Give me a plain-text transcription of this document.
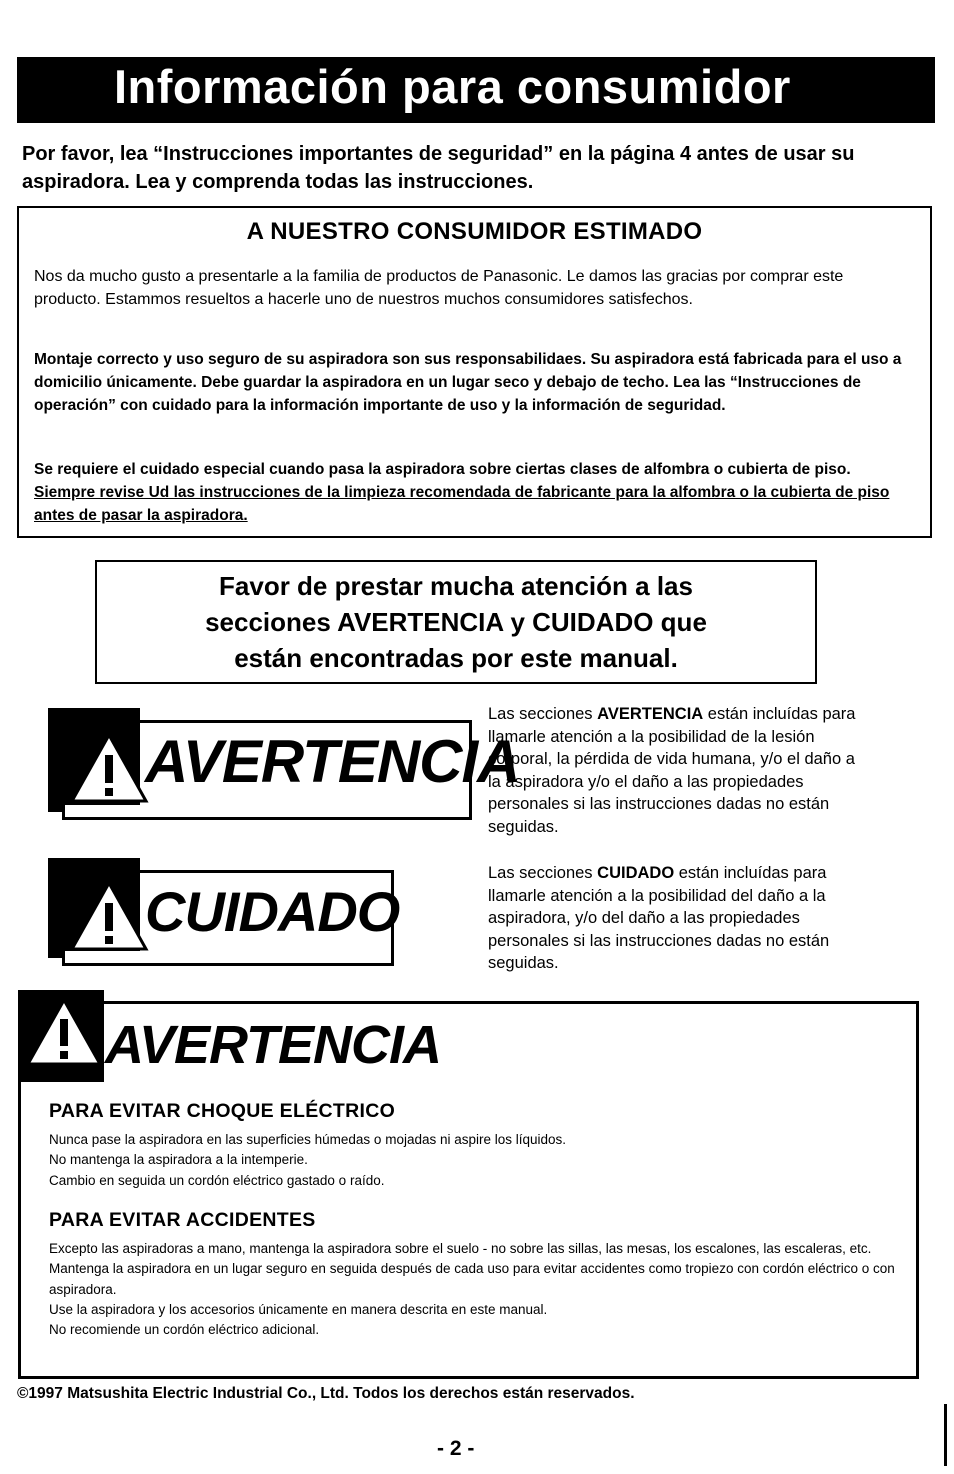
Información para consumidor
Por favor, lea “Instrucciones importantes de seguridad” en la página 4 antes de usar su aspiradora. Lea y comprenda todas las instrucciones.
A NUESTRO CONSUMIDOR ESTIMADO
Nos da mucho gusto a presentarle a la familia de productos de Panasonic. Le damos las gracias por comprar este producto. Estammos resueltos a hacerle uno de nuestros muchos consumidores satisfechos.
Montaje correcto y uso seguro de su aspiradora son sus responsabilidaes. Su aspiradora está fabricada para el uso a domicilio únicamente. Debe guardar la aspiradora en un lugar seco y debajo de techo. Lea las “Instrucciones de operación” con cuidado para la información importante de uso y la información de seguridad.
Se requiere el cuidado especial cuando pasa la aspiradora sobre ciertas clases de alfombra o cubierta de piso. Siempre revise Ud las instrucciones de la limpieza recomendada de fabricante para la alfombra o la cubierta de piso antes de pasar la aspiradora.
Favor de prestar mucha atención a las
secciones AVERTENCIA y CUIDADO que
están encontradas por este manual.
AVERTENCIA
Las secciones AVERTENCIA están incluídas para llamarle atención a la posibilidad de la lesión corporal, la pérdida de vida humana, y/o el daño a la aspiradora y/o el daño a las propiedades personales si las instrucciones dadas no están seguidas.
CUIDADO
Las secciones CUIDADO están incluídas para llamarle atención a la posibilidad del daño a la aspiradora, y/o del daño a las propiedades personales si las instrucciones dadas no están seguidas.
AVERTENCIA
PARA EVITAR CHOQUE ELÉCTRICO
Nunca pase la aspiradora en las superficies húmedas o mojadas ni aspire los líquidos.
No mantenga la aspiradora a la intemperie.
Cambio en seguida un cordón eléctrico gastado o raído.
PARA EVITAR ACCIDENTES
Excepto las aspiradoras a mano, mantenga la aspiradora sobre el suelo - no sobre las sillas, las mesas, los escalones, las escaleras, etc.
Mantenga la aspiradora en un lugar seguro en seguida después de cada uso para evitar accidentes como tropiezo con cordón eléctrico o con aspiradora.
Use la aspiradora y los accesorios únicamente en manera descrita en este manual.
No recomiende un cordón eléctrico adicional.
©1997 Matsushita Electric Industrial Co., Ltd. Todos los derechos están reservados.
- 2 -
